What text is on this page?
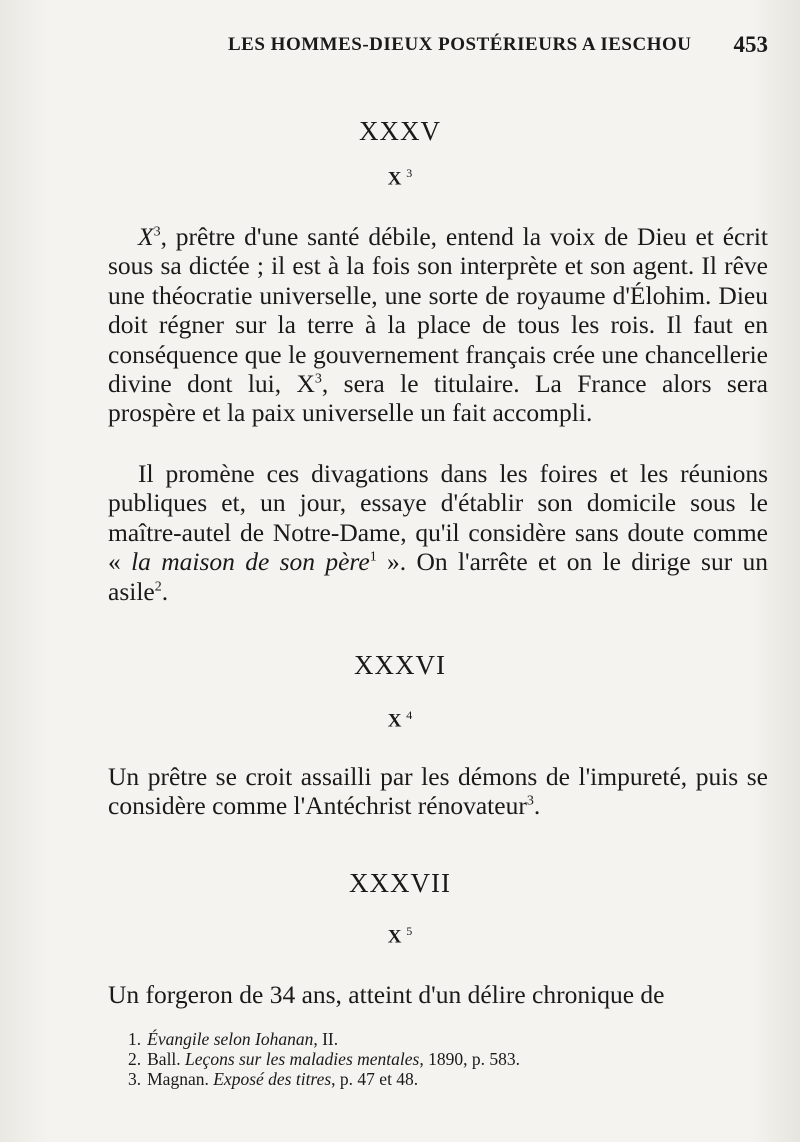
LES HOMMES-DIEUX POSTÉRIEURS A IESCHOU 453
XXXV
X $^3$

$X^3$, prêtre d'une santé débile, entend la voix de Dieu et écrit sous sa dictée ; il est à la fois son interprète et son agent. Il rêve une théocratie universelle, une sorte de royaume d'Élohim. Dieu doit régner sur la terre à la place de tous les rois. Il faut en conséquence que le gouvernement français crée une chancellerie divine dont lui, $X^3$, sera le titulaire. La France alors sera prospère et la paix universelle un fait accompli.

Il promène ces divagations dans les foires et les réunions publiques et, un jour, essaye d'établir son domicile sous le maître-autel de Notre-Dame, qu'il considère sans doute comme « la maison de son père$^1$ ». On l'arrête et on le dirige sur un asile$^2$.

XXXVI
X $^4$

Un prêtre se croit assailli par les démons de l'impureté, puis se considère comme l'Antéchrist rénovateur$^3$.

XXXVII
X $^5$

Un forgeron de 34 ans, atteint d'un délire chronique de

1. Évangile selon Iohanan, II.
2. Ball. Leçons sur les maladies mentales, 1890, p. 583.
3. Magnan. Exposé des titres, p. 47 et 48.
